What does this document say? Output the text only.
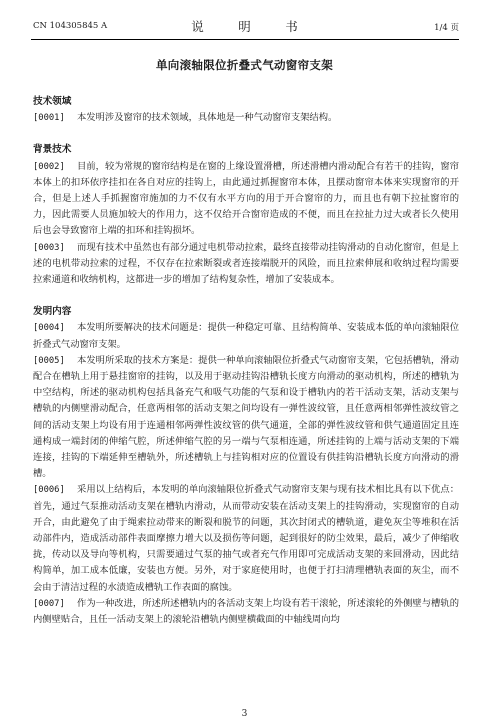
CN 104305845 A	说　明　书	1/4 页
单向滚轴限位折叠式气动窗帘支架

技术领域

[0001] 本发明涉及窗帘的技术领域，具体地是一种气动窗帘支架结构。

背景技术

[0002] 目前，较为常规的窗帘结构是在窗的上缘设置滑槽，所述滑槽内滑动配合有若干的挂钩，窗帘本体上的扣环依序挂扣在各自对应的挂钩上，由此通过抓握窗帘本体，且摆动窗帘本体来实现窗帘的开合，但是上述人手抓握窗帘施加的力不仅有水平方向的用于开合窗帘的力，而且也有朝下拉扯窗帘的力，因此需要人员施加较大的作用力，这不仅给开合窗帘造成的不便，而且在拉扯力过大或者长久使用后也会导致窗帘上端的扣环和挂钩损坏。

[0003] 而现有技术中虽然也有部分通过电机带动拉索，最终直接带动挂钩滑动的自动化窗帘，但是上述的电机带动拉索的过程，不仅存在拉索断裂或者连接端脱开的风险，而且拉索伸展和收纳过程均需要拉索通道和收纳机构，这都进一步的增加了结构复杂性，增加了安装成本。

发明内容

[0004] 本发明所要解决的技术问题是：提供一种稳定可靠、且结构简单、安装成本低的单向滚轴限位折叠式气动窗帘支架。

[0005] 本发明所采取的技术方案是：提供一种单向滚轴限位折叠式气动窗帘支架，它包括槽轨，滑动配合在槽轨上用于悬挂窗帘的挂钩，以及用于驱动挂钩沿槽轨长度方向滑动的驱动机构，所述的槽轨为中空结构，所述的驱动机构包括具备充气和吸气功能的气泵和设于槽轨内的若干活动支架，活动支架与槽轨的内侧壁滑动配合，任意两相邻的活动支架之间均设有一弹性波纹管，且任意两相邻弹性波纹管之间的活动支架上均设有用于连通相邻两弹性波纹管的供气通道，全部的弹性波纹管和供气通道固定且连通构成一端封闭的伸缩气腔，所述伸缩气腔的另一端与气泵相连通，所述挂钩的上端与活动支架的下端连接，挂钩的下端延伸至槽轨外，所述槽轨上与挂钩相对应的位置设有供挂钩沿槽轨长度方向滑动的滑槽。

[0006] 采用以上结构后，本发明的单向滚轴限位折叠式气动窗帘支架与现有技术相比具有以下优点：首先，通过气泵推动活动支架在槽轨内滑动，从而带动安装在活动支架上的挂钩滑动，实现窗帘的自动开合，由此避免了由于绳索拉动带来的断裂和脱节的问题，其次封闭式的槽轨道，避免灰尘等堆积在活动部件内，造成活动部件表面摩擦力增大以及损伤等问题，起到很好的防尘效果，最后，减少了伸缩收拢，传动以及导向等机构，只需要通过气泵的抽气或者充气作用即可完成活动支架的来回滑动，因此结构简单，加工成本低廉，安装也方便。另外，对于家庭使用时，也便于打扫清理槽轨表面的灰尘，而不会由于清洁过程的水渍造成槽轨工作表面的腐蚀。

[0007] 作为一种改进，所述所述槽轨内的各活动支架上均设有若干滚轮，所述滚轮的外侧壁与槽轨的内侧壁贴合，且任一活动支架上的滚轮沿槽轨内侧壁横截面的中轴线周向均

3
